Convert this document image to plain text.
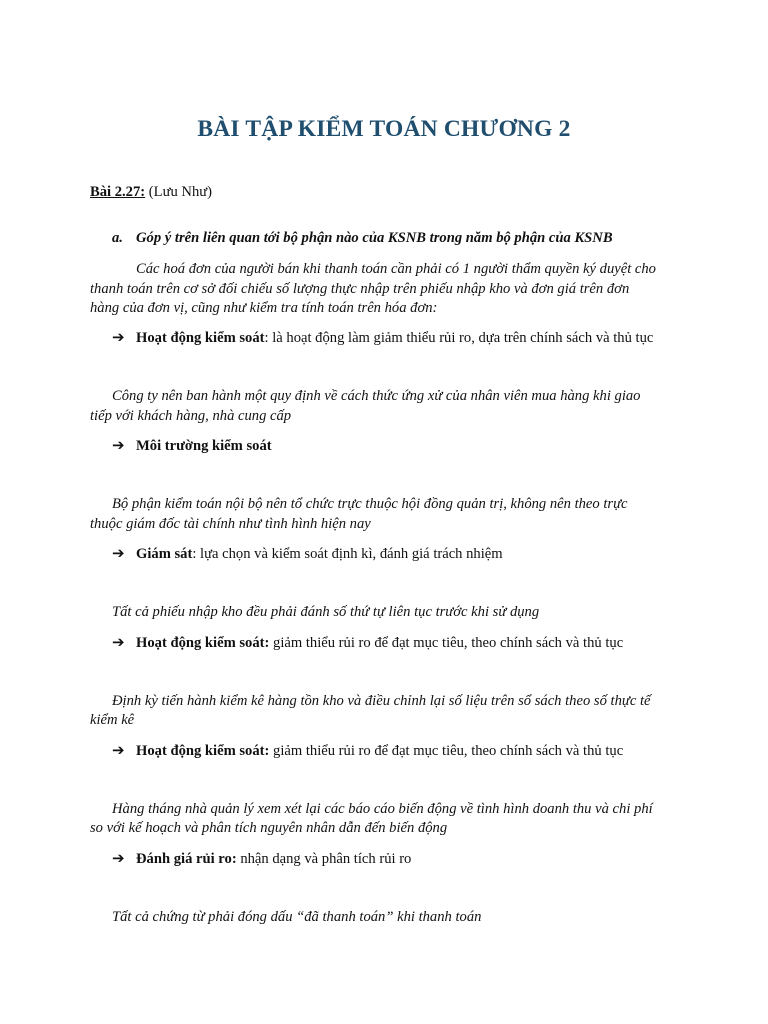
BÀI TẬP KIỂM TOÁN CHƯƠNG 2
Bài 2.27: (Lưu Như)
a. Góp ý trên liên quan tới bộ phận nào của KSNB trong năm bộ phận của KSNB
Các hoá đơn của người bán khi thanh toán cần phải có 1 người thẩm quyền ký duyệt cho
thanh toán trên cơ sở đối chiếu số lượng thực nhập trên phiếu nhập kho và đơn giá trên đơn
hàng của đơn vị, cũng như kiểm tra tính toán trên hóa đơn:
➔ Hoạt động kiểm soát: là hoạt động làm giảm thiểu rủi ro, dựa trên chính sách và thủ tục
Công ty nên ban hành một quy định về cách thức ứng xử của nhân viên mua hàng khi giao
tiếp với khách hàng, nhà cung cấp
➔ Môi trường kiểm soát
Bộ phận kiểm toán nội bộ nên tổ chức trực thuộc hội đồng quản trị, không nên theo trực
thuộc giám đốc tài chính như tình hình hiện nay
➔ Giám sát: lựa chọn và kiểm soát định kì, đánh giá trách nhiệm
Tất cả phiếu nhập kho đều phải đánh số thứ tự liên tục trước khi sử dụng
➔ Hoạt động kiểm soát: giảm thiểu rủi ro để đạt mục tiêu, theo chính sách và thủ tục
Định kỳ tiến hành kiểm kê hàng tồn kho và điều chỉnh lại số liệu trên sổ sách theo số thực tế
kiểm kê
➔ Hoạt động kiểm soát: giảm thiểu rủi ro để đạt mục tiêu, theo chính sách và thủ tục
Hàng tháng nhà quản lý xem xét lại các báo cáo biến động về tình hình doanh thu và chi phí
so với kế hoạch và phân tích nguyên nhân dẫn đến biến động
➔ Đánh giá rủi ro: nhận dạng và phân tích rủi ro
Tất cả chứng từ phải đóng dấu “đã thanh toán” khi thanh toán
